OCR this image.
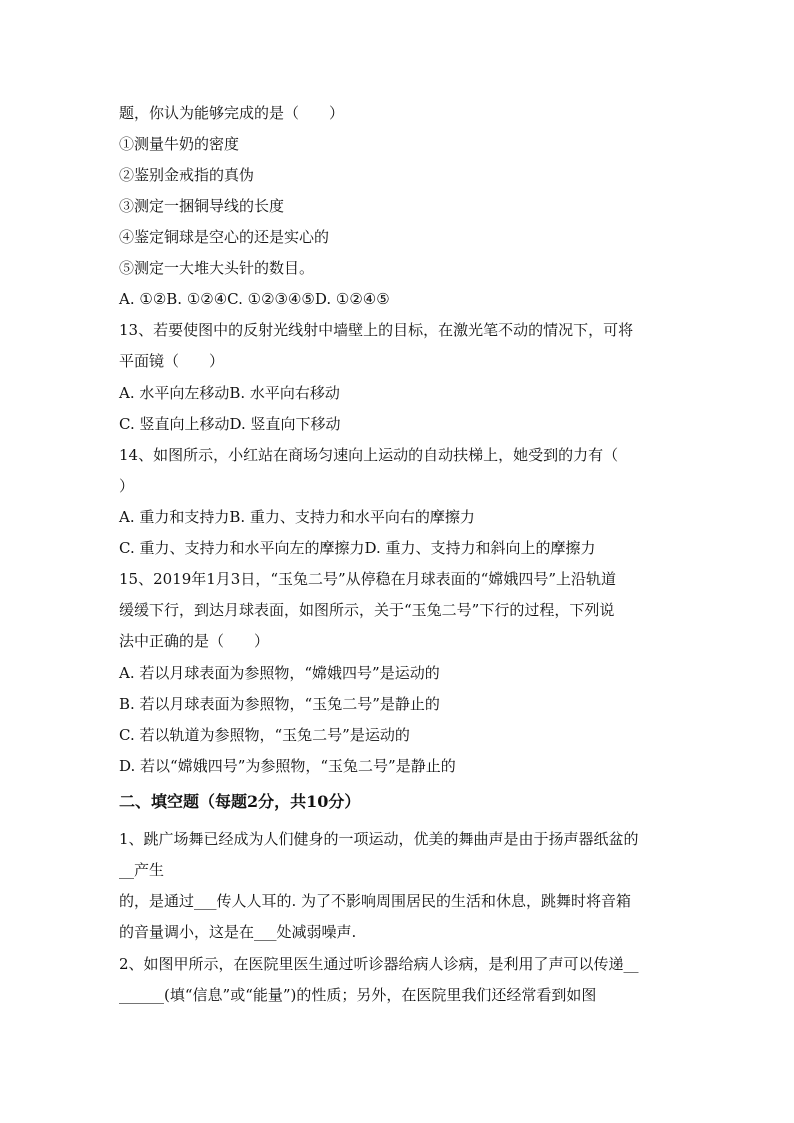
题，你认为能够完成的是（　　）
①测量牛奶的密度
②鉴别金戒指的真伪
③测定一捆铜导线的长度
④鉴定铜球是空心的还是实心的
⑤测定一大堆大头针的数目。
A. ①②B. ①②④C. ①②③④⑤D. ①②④⑤
13、若要使图中的反射光线射中墙壁上的目标，在激光笔不动的情况下，可将
平面镜（　　）
A. 水平向左移动B. 水平向右移动
C. 竖直向上移动D. 竖直向下移动
14、如图所示，小红站在商场匀速向上运动的自动扶梯上，她受到的力有（
）
A. 重力和支持力B. 重力、支持力和水平向右的摩擦力
C. 重力、支持力和水平向左的摩擦力D. 重力、支持力和斜向上的摩擦力
15、2019年1月3日，“玉兔二号”从停稳在月球表面的“嫦娥四号”上沿轨道
缓缓下行，到达月球表面，如图所示，关于“玉兔二号”下行的过程，下列说
法中正确的是（　　）
A. 若以月球表面为参照物，“嫦娥四号”是运动的
B. 若以月球表面为参照物，“玉兔二号”是静止的
C. 若以轨道为参照物，“玉兔二号”是运动的
D. 若以“嫦娥四号”为参照物，“玉兔二号”是静止的
二、填空题（每题2分，共10分）
1、跳广场舞已经成为人们健身的一项运动，优美的舞曲声是由于扬声器纸盆的
__产生
的，是通过___传人人耳的. 为了不影响周围居民的生活和休息，跳舞时将音箱
的音量调小，这是在___处减弱噪声.
2、如图甲所示，在医院里医生通过听诊器给病人诊病，是利用了声可以传递__
______(填“信息”或“能量”)的性质；另外，在医院里我们还经常看到如图
